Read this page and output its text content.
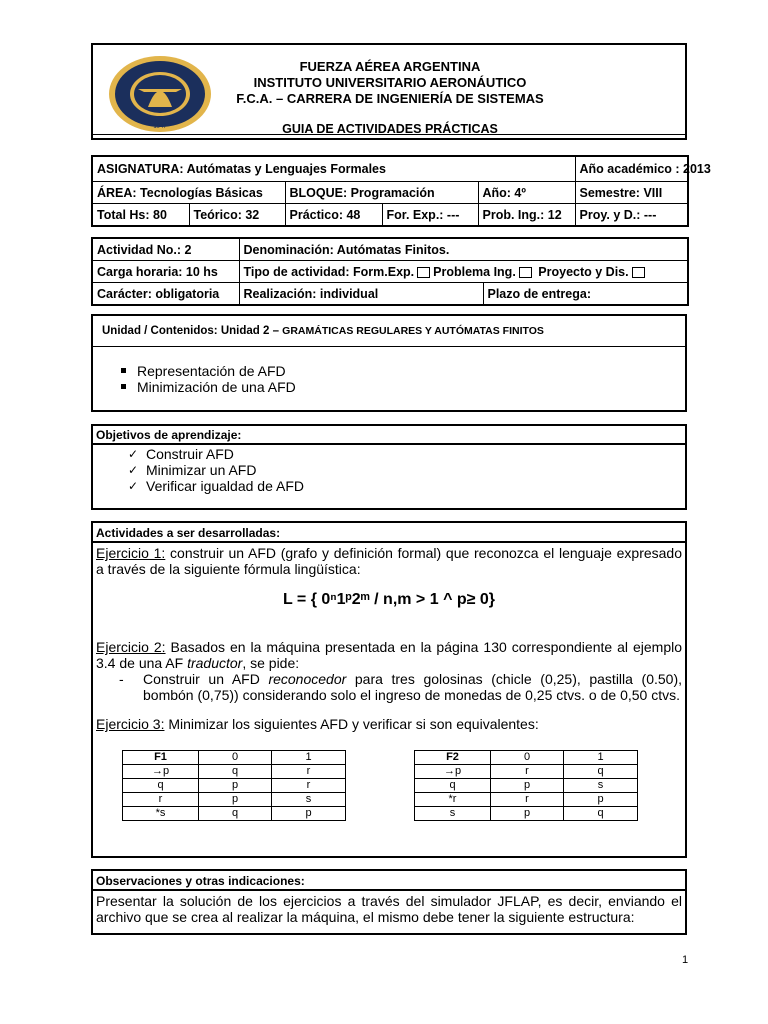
1947
FUERZA AÉREA ARGENTINA
INSTITUTO UNIVERSITARIO AERONÁUTICO
F.C.A. – CARRERA DE INGENIERÍA DE SISTEMAS
GUIA DE ACTIVIDADES PRÁCTICAS
ASIGNATURA: Autómatas y Lenguajes Formales					Año académico : 2013
ÁREA: Tecnologías Básicas		BLOQUE: Programación		Año: 4º	Semestre: VIII
Total Hs: 80	Teórico: 32	Práctico: 48	For. Exp.: ---	Prob. Ing.: 12	Proy. y D.: ---
Actividad No.: 2	Denominación: Autómatas Finitos.	
Carga horaria: 10 hs	Tipo de actividad: Form.Exp. Problema Ing. Proyecto y Dis.	
Carácter: obligatoria	Realización: individual	Plazo de entrega:
Unidad / Contenidos: Unidad 2 – GRAMÁTICAS REGULARES Y AUTÓMATAS FINITOS
Representación de AFD
Minimización de una AFD
Objetivos de aprendizaje:
✓ Construir AFD
✓ Minimizar un AFD
✓ Verificar igualdad de AFD
Actividades a ser desarrolladas:
Ejercicio 1: construir un AFD (grafo y definición formal) que reconozca el lenguaje expresado a través de la siguiente fórmula lingüística:
L = { 0ⁿ1ᵖ2ᵐ / n,m > 1 ^ p≥ 0}
Ejercicio 2: Basados en la máquina presentada en la página 130 correspondiente al ejemplo 3.4 de una AF traductor, se pide:
- Construir un AFD reconocedor para tres golosinas (chicle (0,25), pastilla (0.50), bombón (0,75)) considerando solo el ingreso de monedas de 0,25 ctvs. o de 0,50 ctvs.
Ejercicio 3: Minimizar los siguientes AFD y verificar si son equivalentes:
F1	0	1
→p	q	r
q	p	r
r	p	s
*s	q	p
F2	0	1
→p	r	q
q	p	s
*r	r	p
s	p	q
Observaciones y otras indicaciones:
Presentar la solución de los ejercicios a través del simulador JFLAP, es decir, enviando el archivo que se crea al realizar la máquina, el mismo debe tener la siguiente estructura:
1
